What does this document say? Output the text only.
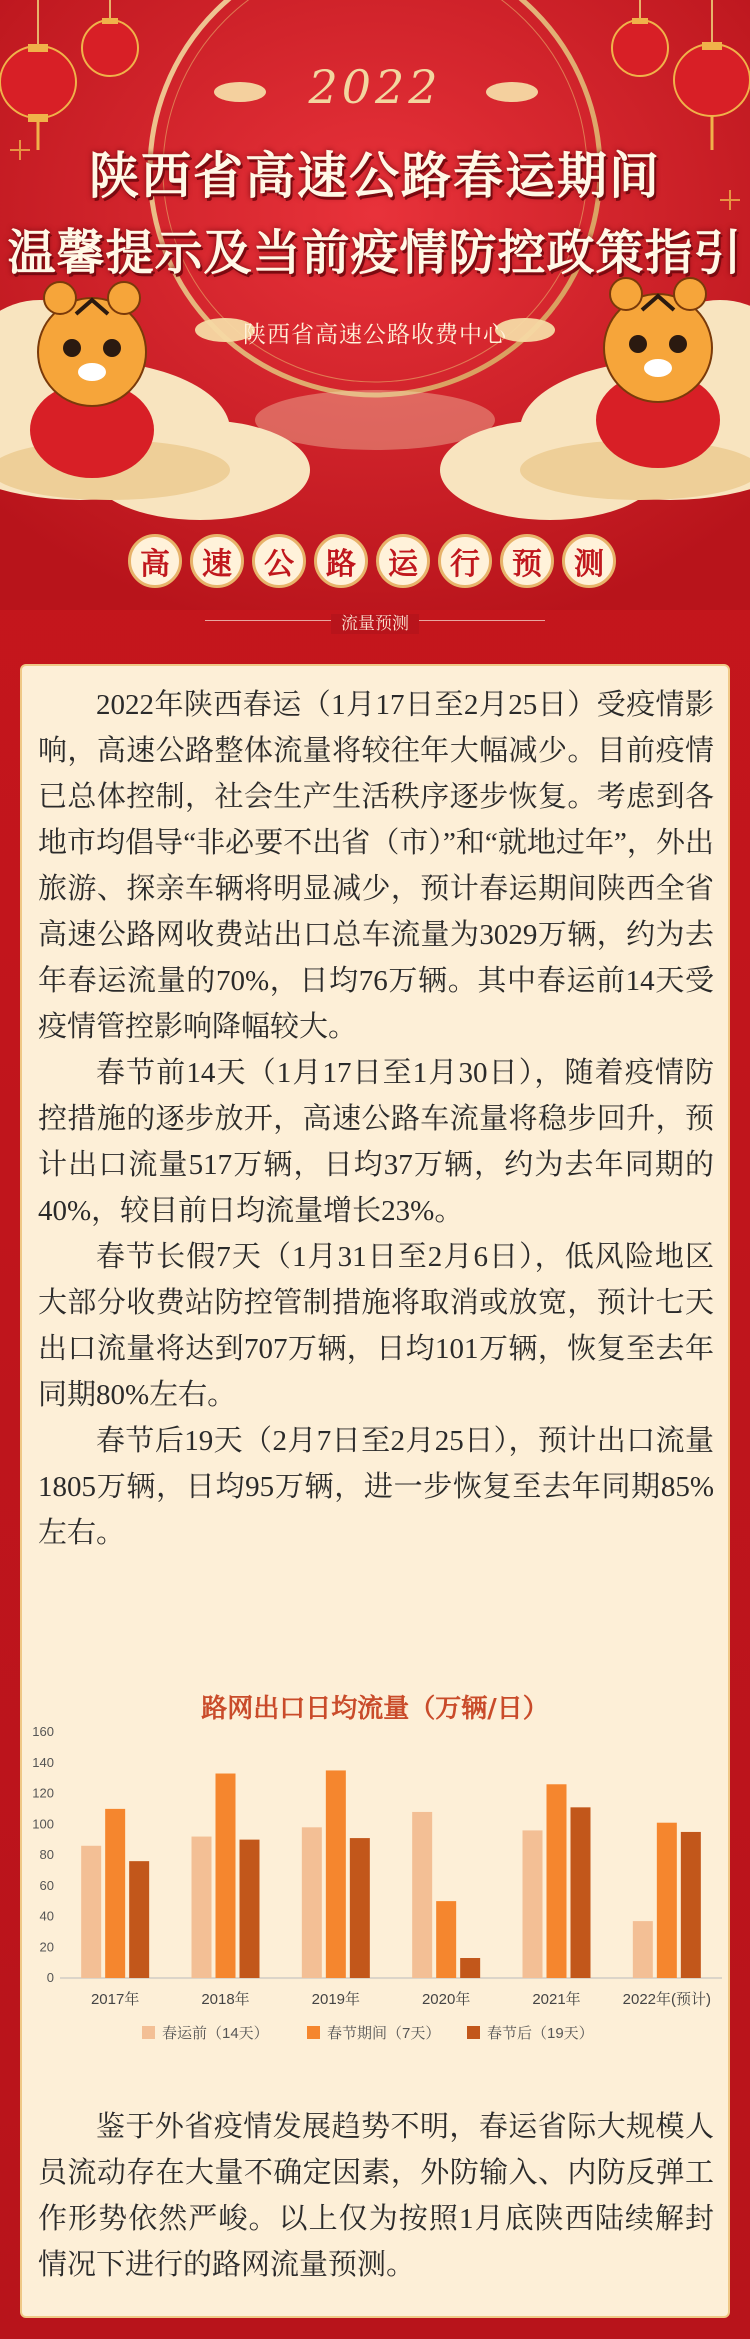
2022
陕西省高速公路春运期间
温馨提示及当前疫情防控政策指引
陕西省高速公路收费中心
高	速	公	路	运	行	预	测
流量预测

2022年陕西春运（1月17日至2月25日）受疫情影响，高速公路整体流量将较往年大幅减少。目前疫情已总体控制，社会生产生活秩序逐步恢复。考虑到各地市均倡导“非必要不出省（市）”和“就地过年”，外出旅游、探亲车辆将明显减少，预计春运期间陕西全省高速公路网收费站出口总车流量为3029万辆，约为去年春运流量的70%，日均76万辆。其中春运前14天受疫情管控影响降幅较大。

春节前14天（1月17日至1月30日），随着疫情防控措施的逐步放开，高速公路车流量将稳步回升，预计出口流量517万辆，日均37万辆，约为去年同期的40%，较目前日均流量增长23%。

春节长假7天（1月31日至2月6日），低风险地区大部分收费站防控管制措施将取消或放宽，预计七天出口流量将达到707万辆，日均101万辆，恢复至去年同期80%左右。

春节后19天（2月7日至2月25日），预计出口流量1805万辆，日均95万辆，进一步恢复至去年同期85%左右。

路网出口日均流量（万辆/日）
0
20
40
60
80
100
120
140
160
2017年	2018年	2019年	2020年	2021年	2022年(预计)
春运前（14天）	春节期间（7天）	春节后（19天）

鉴于外省疫情发展趋势不明，春运省际大规模人员流动存在大量不确定因素，外防输入、内防反弹工作形势依然严峻。以上仅为按照1月底陕西陆续解封情况下进行的路网流量预测。
